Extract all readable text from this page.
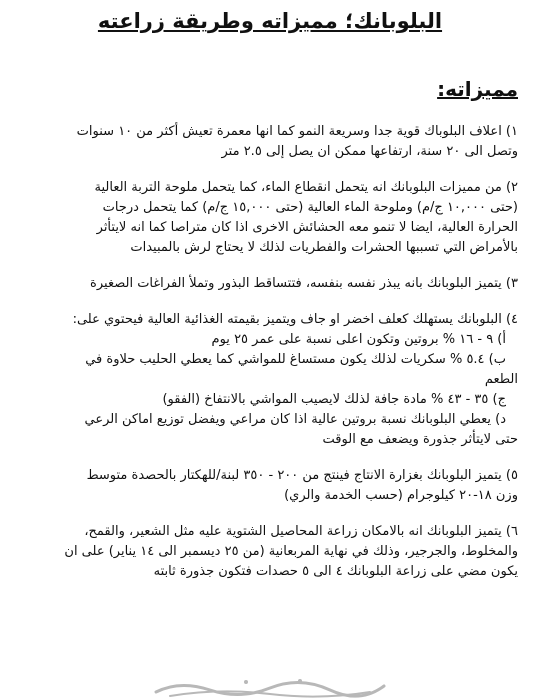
البلوبانك؛ مميزاته وطريقة زراعته
مميزاته:

١) اعلاف البلوباك قوية جدا وسريعة النمو كما انها معمرة تعيش أكثر من ١٠ سنوات

وتصل الى ٢٠ سنة، ارتفاعها ممكن ان يصل إلى ٢.٥ متر

٢) من مميزات البلوبانك انه يتحمل انقطاع الماء، كما يتحمل ملوحة التربة العالية

(حتى ١٠,٠٠٠ ج/م) وملوحة الماء العالية (حتى ١٥,٠٠٠ ج/م) كما يتحمل درجات

الحرارة العالية، ايضا لا تنمو معه الحشائش الاخرى اذا كان متراصا كما انه لايتأثر

بالأمراض التي تسببها الحشرات والفطريات لذلك لا يحتاج لرش بالمبيدات

٣) يتميز البلوبانك بانه يبذر نفسه بنفسه، فتتساقط البذور وتملأ الفراغات الصغيرة

٤) البلوبانك يستهلك كعلف اخضر او جاف ويتميز بقيمته الغذائية العالية فيحتوي على:

أ) ٩ - ١٦ % بروتين وتكون اعلى نسبة على عمر ٢٥ يوم

ب) ٥.٤ % سكريات لذلك يكون مستساغ للمواشي كما يعطي الحليب حلاوة في

الطعم

ج) ٣٥ - ٤٣ % مادة جافة لذلك لايصيب المواشي بالانتفاخ (الفقو)

د) يعطي البلوبانك نسبة بروتين عالية اذا كان مراعي ويفضل توزيع اماكن الرعي

حتى لايتأثر جذورة ويضعف مع الوقت

٥) يتميز البلوبانك بغزارة الانتاج فينتج من ٢٠٠ - ٣٥٠ لبنة/للهكتار بالحصدة متوسط

وزن ١٨-٢٠ كيلوجرام (حسب الخدمة والري)

٦) يتميز البلوبانك انه بالامكان زراعة المحاصيل الشتوية عليه مثل الشعير، والقمح،

والمخلوط، والجرجير، وذلك في نهاية المربعانية (من ٢٥ ديسمبر الى ١٤ يناير) على ان

يكون مضي على زراعة البلوبانك ٤ الى ٥ حصدات فتكون جذورة ثابته
